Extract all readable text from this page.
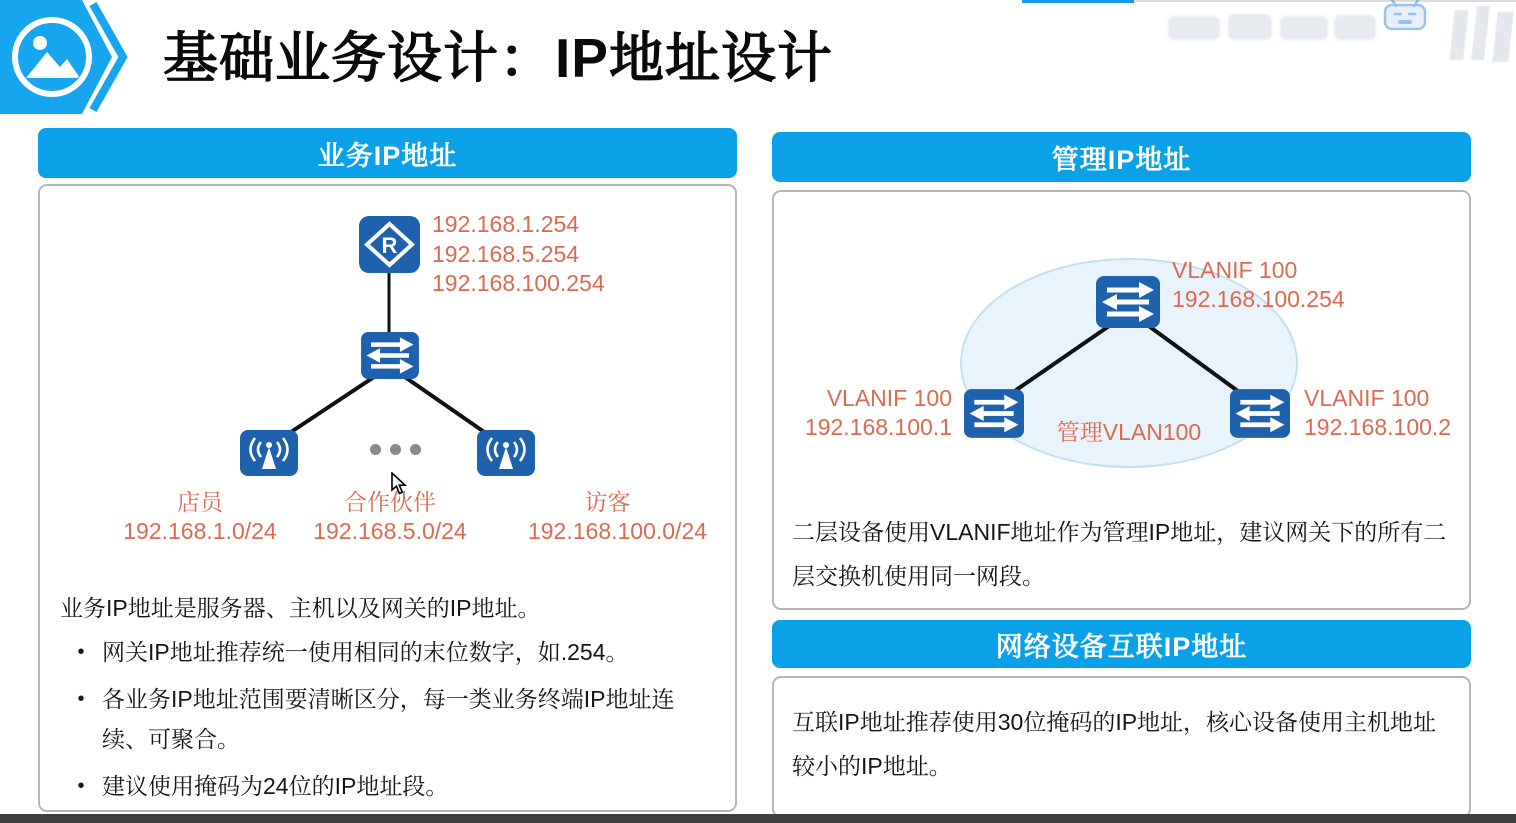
基础业务设计：IP地址设计
业务IP地址
R
192.168.1.254
192.168.5.254
192.168.100.254
店员	合作伙伴	访客
192.168.1.0/24	192.168.5.0/24	192.168.100.0/24
业务IP地址是服务器、主机以及网关的IP地址。
• 网关IP地址推荐统一使用相同的末位数字，如.254。
• 各业务IP地址范围要清晰区分，每一类业务终端IP地址连续、可聚合。
• 建议使用掩码为24位的IP地址段。
管理IP地址
VLANIF 100
192.168.100.254
VLANIF 100
192.168.100.1
VLANIF 100
192.168.100.2
管理VLAN100
二层设备使用VLANIF地址作为管理IP地址，建议网关下的所有二层交换机使用同一网段。
网络设备互联IP地址
互联IP地址推荐使用30位掩码的IP地址，核心设备使用主机地址较小的IP地址。
